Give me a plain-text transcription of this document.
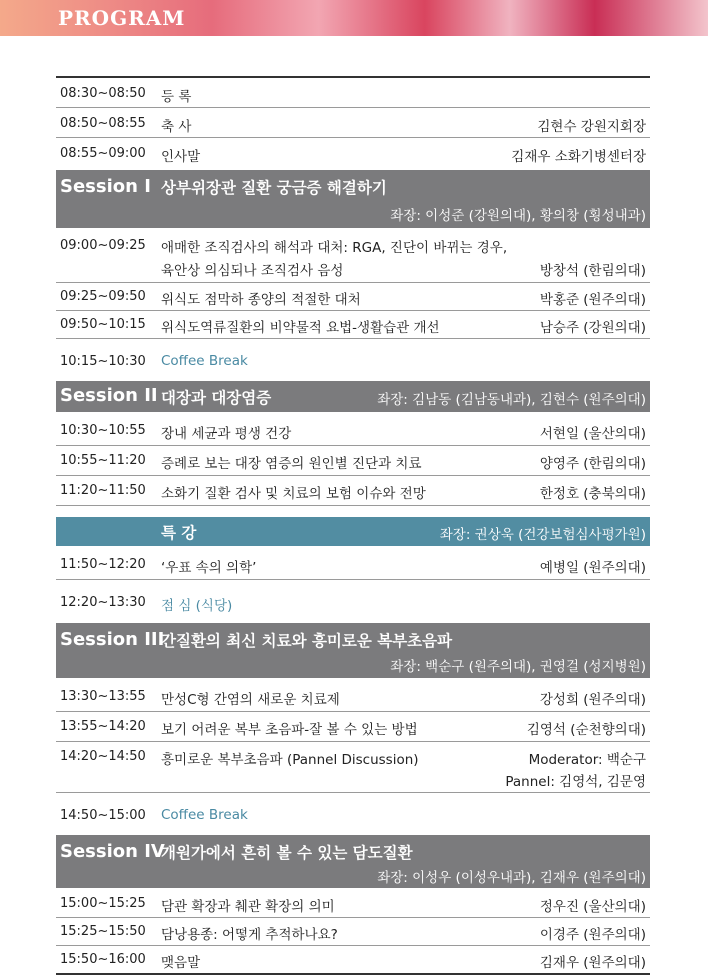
PROGRAM
08:30~08:50 등 록
08:50~08:55 축 사	김현수 강원지회장
08:55~09:00 인사말	김재우 소화기병센터장
Session I 상부위장관 질환 궁금증 해결하기
좌장: 이성준 (강원의대), 황의창 (횡성내과)
09:00~09:25 애매한 조직검사의 해석과 대처: RGA, 진단이 바뀌는 경우,
육안상 의심되나 조직검사 음성	방창석 (한림의대)
09:25~09:50 위식도 점막하 종양의 적절한 대처	박홍준 (원주의대)
09:50~10:15 위식도역류질환의 비약물적 요법-생활습관 개선	남승주 (강원의대)
10:15~10:30 Coffee Break
Session II 대장과 대장염증	좌장: 김남동 (김남동내과), 김현수 (원주의대)
10:30~10:55 장내 세균과 평생 건강	서현일 (울산의대)
10:55~11:20 증례로 보는 대장 염증의 원인별 진단과 치료	양영주 (한림의대)
11:20~11:50 소화기 질환 검사 및 치료의 보험 이슈와 전망	한정호 (충북의대)
특 강	좌장: 권상욱 (건강보험심사평가원)
11:50~12:20 ‘우표 속의 의학’	예병일 (원주의대)
12:20~13:30 점 심 (식당)
Session III
간질환의 최신 치료와 흥미로운 복부초음파
좌장: 백순구 (원주의대), 권영걸 (성지병원)
13:30~13:55 만성C형 간염의 새로운 치료제	강성희 (원주의대)
13:55~14:20 보기 어려운 복부 초음파-잘 볼 수 있는 방법	김영석 (순천향의대)
14:20~14:50 흥미로운 복부초음파 (Pannel Discussion)	Moderator: 백순구
Pannel: 김영석, 김문영
14:50~15:00 Coffee Break
Session IV
개원가에서 흔히 볼 수 있는 담도질환
좌장: 이성우 (이성우내과), 김재우 (원주의대)
15:00~15:25 담관 확장과 췌관 확장의 의미	정우진 (울산의대)
15:25~15:50 담낭용종: 어떻게 추적하나요?	이경주 (원주의대)
15:50~16:00 맺음말	김재우 (원주의대)
